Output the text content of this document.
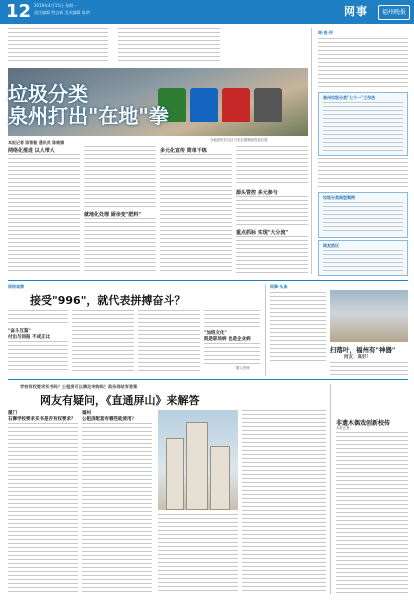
12 2019年4月15日 星期一
责任编辑 曾志新 美术编辑 陈明	网事	福州晚报
垃圾分类
泉州打出"在地"拳
当地居民在社区分类垃圾桶前投放垃圾
本报记者 陈智毅 通讯员 陈维娜
网络化推进 以人带人
就地化处理 厨余变"肥料"
多元化宣传 简单干练
源头管控 多元参与
重点抓标 实现"大分流"
网·视·评
泉州垃圾分类"七个一"工作法
垃圾分类典型案例
网友热议
网络观察
接受"996"，就代表拼搏奋斗？
"奋斗互鉴"
付出与回报 不成正比
"加班文化"
既是职场病 也是企业病
据人民网
网事·头条
扫落叶，福州有"神器"
网友：真好！
学校有权要求买书吗？公租房可以满足申购吗？政务网站有答案
网友有疑问，《直通屏山》来解答
厦门
石狮学校要求买书是否有权要求？
福州
公租房配套有哪些能使用？
非遗木偶戏创新校传
本报记者
